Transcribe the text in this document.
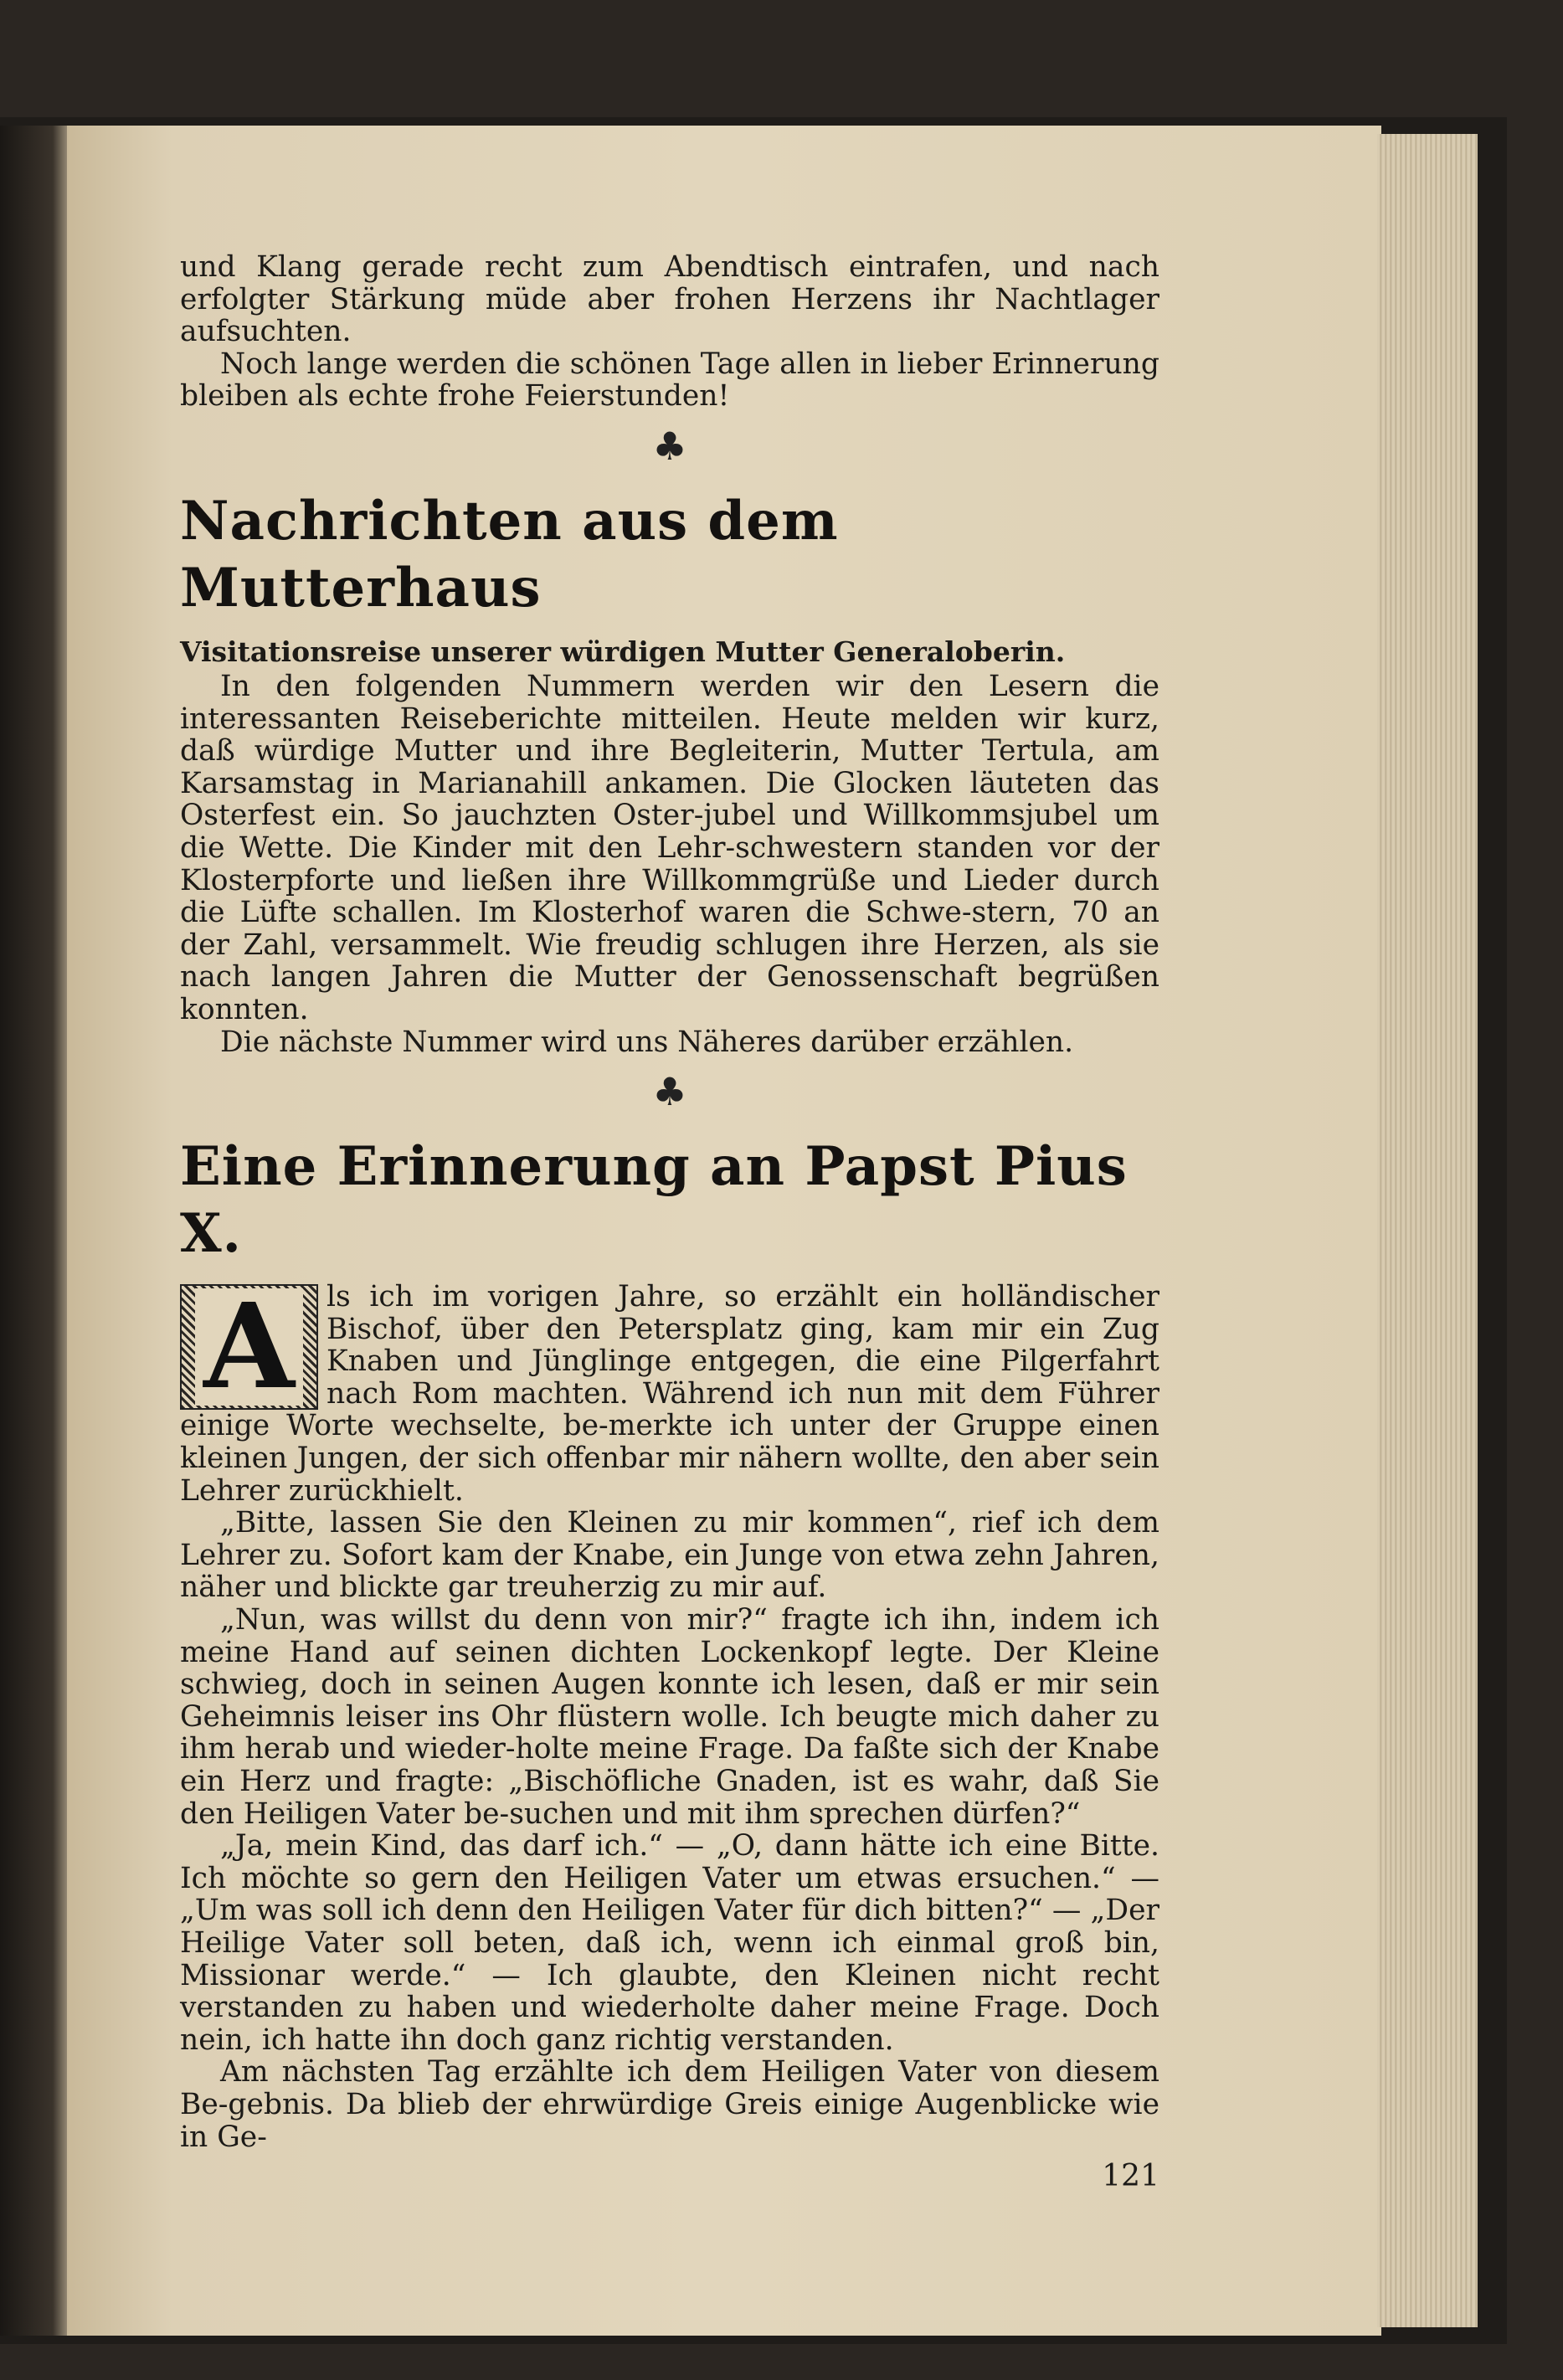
und Klang gerade recht zum Abendtisch eintrafen, und nach erfolgter Stärkung müde aber frohen Herzens ihr Nachtlager aufsuchten.

Noch lange werden die schönen Tage allen in lieber Erinnerung bleiben als echte frohe Feierstunden!

♣
Nachrichten aus dem Mutterhaus
Visitationsreise unserer würdigen Mutter Generaloberin.

In den folgenden Nummern werden wir den Lesern die interessanten Reiseberichte mitteilen. Heute melden wir kurz, daß würdige Mutter und ihre Begleiterin, Mutter Tertula, am Karsamstag in Marianahill ankamen. Die Glocken läuteten das Osterfest ein. So jauchzten Oster-jubel und Willkommsjubel um die Wette. Die Kinder mit den Lehr-schwestern standen vor der Klosterpforte und ließen ihre Willkommgrüße und Lieder durch die Lüfte schallen. Im Klosterhof waren die Schwe-stern, 70 an der Zahl, versammelt. Wie freudig schlugen ihre Herzen, als sie nach langen Jahren die Mutter der Genossenschaft begrüßen konnten.

Die nächste Nummer wird uns Näheres darüber erzählen.

♣
Eine Erinnerung an Papst Pius X.
A	ls ich im vorigen Jahre, so erzählt ein holländischer Bischof, über den Petersplatz ging, kam mir ein Zug Knaben und Jünglinge entgegen, die eine Pilgerfahrt nach Rom machten. Während ich nun mit dem Führer einige Worte wechselte, be-merkte ich unter der Gruppe einen kleinen Jungen, der sich offenbar mir nähern wollte, den aber sein Lehrer zurückhielt.

„Bitte, lassen Sie den Kleinen zu mir kommen“, rief ich dem Lehrer zu. Sofort kam der Knabe, ein Junge von etwa zehn Jahren, näher und blickte gar treuherzig zu mir auf.

„Nun, was willst du denn von mir?“ fragte ich ihn, indem ich meine Hand auf seinen dichten Lockenkopf legte. Der Kleine schwieg, doch in seinen Augen konnte ich lesen, daß er mir sein Geheimnis leiser ins Ohr flüstern wolle. Ich beugte mich daher zu ihm herab und wieder-holte meine Frage. Da faßte sich der Knabe ein Herz und fragte: „Bischöfliche Gnaden, ist es wahr, daß Sie den Heiligen Vater be-suchen und mit ihm sprechen dürfen?“

„Ja, mein Kind, das darf ich.“ — „O, dann hätte ich eine Bitte. Ich möchte so gern den Heiligen Vater um etwas ersuchen.“ — „Um was soll ich denn den Heiligen Vater für dich bitten?“ — „Der Heilige Vater soll beten, daß ich, wenn ich einmal groß bin, Missionar werde.“ — Ich glaubte, den Kleinen nicht recht verstanden zu haben und wiederholte daher meine Frage. Doch nein, ich hatte ihn doch ganz richtig verstanden.

Am nächsten Tag erzählte ich dem Heiligen Vater von diesem Be-gebnis. Da blieb der ehrwürdige Greis einige Augenblicke wie in Ge-

121
